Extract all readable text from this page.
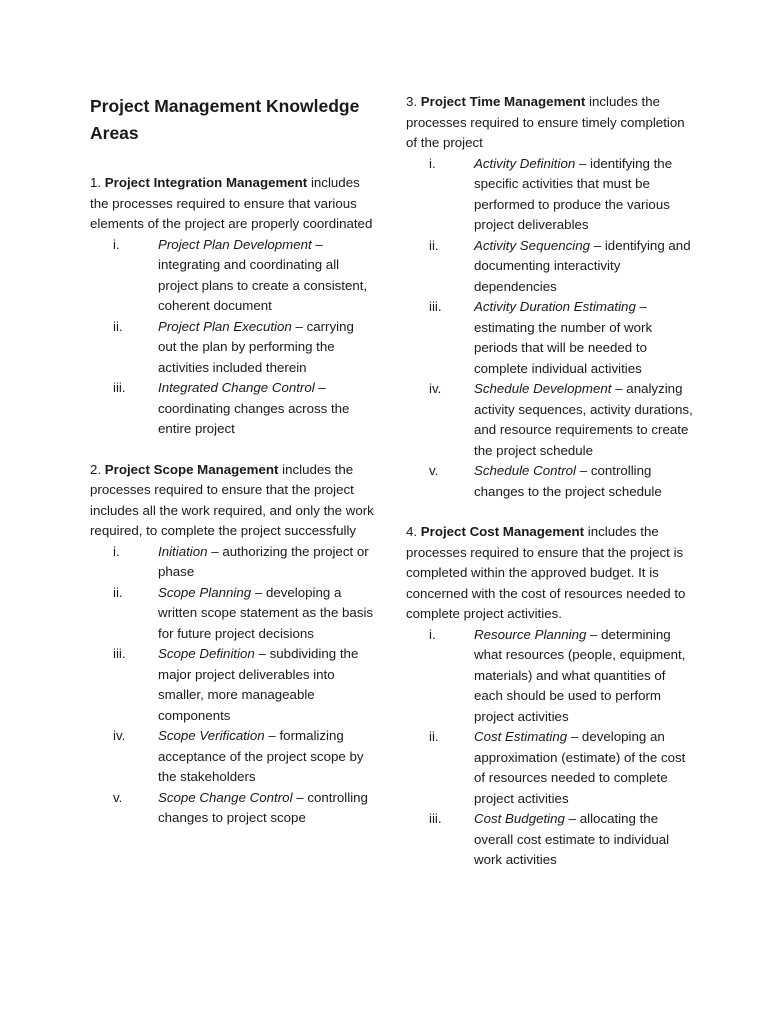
Project Management Knowledge Areas

1. Project Integration Management includes the processes required to ensure that various elements of the project are properly coordinated

i.	Project Plan Development – integrating and coordinating all project plans to create a consistent, coherent document
ii.	Project Plan Execution – carrying out the plan by performing the activities included therein
iii. Integrated Change Control – coordinating changes across the entire project

2. Project Scope Management includes the processes required to ensure that the project includes all the work required, and only the work required, to complete the project successfully

i.	Initiation – authorizing the project or phase
ii.	Scope Planning – developing a written scope statement as the basis for future project decisions
iii. Scope Definition – subdividing the major project deliverables into smaller, more manageable components
iv. Scope Verification – formalizing acceptance of the project scope by the stakeholders
v.	Scope Change Control – controlling changes to project scope

3. Project Time Management includes the processes required to ensure timely completion of the project

i.	Activity Definition – identifying the specific activities that must be performed to produce the various project deliverables
ii.	Activity Sequencing – identifying and documenting interactivity dependencies
iii. Activity Duration Estimating – estimating the number of work periods that will be needed to complete individual activities
iv. Schedule Development – analyzing activity sequences, activity durations, and resource requirements to create the project schedule
v.	Schedule Control – controlling changes to the project schedule

4. Project Cost Management includes the processes required to ensure that the project is completed within the approved budget. It is concerned with the cost of resources needed to complete project activities.

i.	Resource Planning – determining what resources (people, equipment, materials) and what quantities of each should be used to perform project activities
ii.	Cost Estimating – developing an approximation (estimate) of the cost of resources needed to complete project activities
iii. Cost Budgeting – allocating the overall cost estimate to individual work activities
